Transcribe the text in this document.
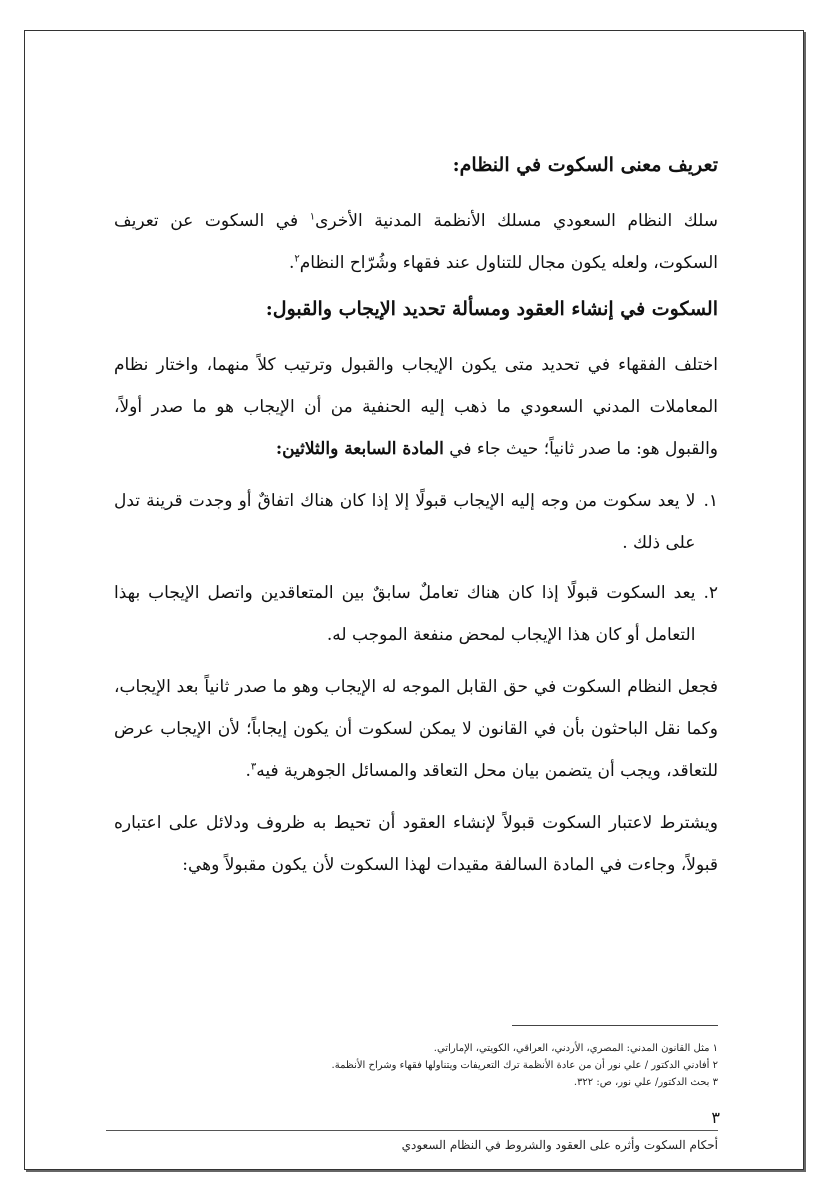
تعريف معنى السكوت في النظام:

سلك النظام السعودي مسلك الأنظمة المدنية الأخرى$^١$ في السكوت عن تعريف السكوت، ولعله يكون مجال للتناول عند فقهاء وشُرّاح النظام$^٢$.

السكوت في إنشاء العقود ومسألة تحديد الإيجاب والقبول:

اختلف الفقهاء في تحديد متى يكون الإيجاب والقبول وترتيب كلاً منهما، واختار نظام المعاملات المدني السعودي ما ذهب إليه الحنفية من أن الإيجاب هو ما صدر أولاً، والقبول هو: ما صدر ثانياً؛ حيث جاء في المادة السابعة والثلاثين:

١.
لا يعد سكوت من وجه إليه الإيجاب قبولًا إلا إذا كان هناك اتفاقٌ أو وجدت قرينة تدل على ذلك .
٢.
يعد السكوت قبولًا إذا كان هناك تعاملٌ سابقٌ بين المتعاقدين واتصل الإيجاب بهذا التعامل أو كان هذا الإيجاب لمحض منفعة الموجب له.

فجعل النظام السكوت في حق القابل الموجه له الإيجاب وهو ما صدر ثانياً بعد الإيجاب، وكما نقل الباحثون بأن في القانون لا يمكن لسكوت أن يكون إيجاباً؛ لأن الإيجاب عرض للتعاقد، ويجب أن يتضمن بيان محل التعاقد والمسائل الجوهرية فيه$^٣$.

ويشترط لاعتبار السكوت قبولاً لإنشاء العقود أن تحيط به ظروف ودلائل على اعتباره قبولاً، وجاءت في المادة السالفة مقيدات لهذا السكوت لأن يكون مقبولاً وهي:

١ مثل القانون المدني: المصري، الأردني، العراقي، الكويتي، الإماراتي.

٢ أفادني الدكتور / علي نور أن من عادة الأنظمة ترك التعريفات ويتناولها فقهاء وشراح الأنظمة.

٣ بحث الدكتور/ علي نور، ص: ٣٢٢.

٣
أحكام السكوت وأثره على العقود والشروط في النظام السعودي
